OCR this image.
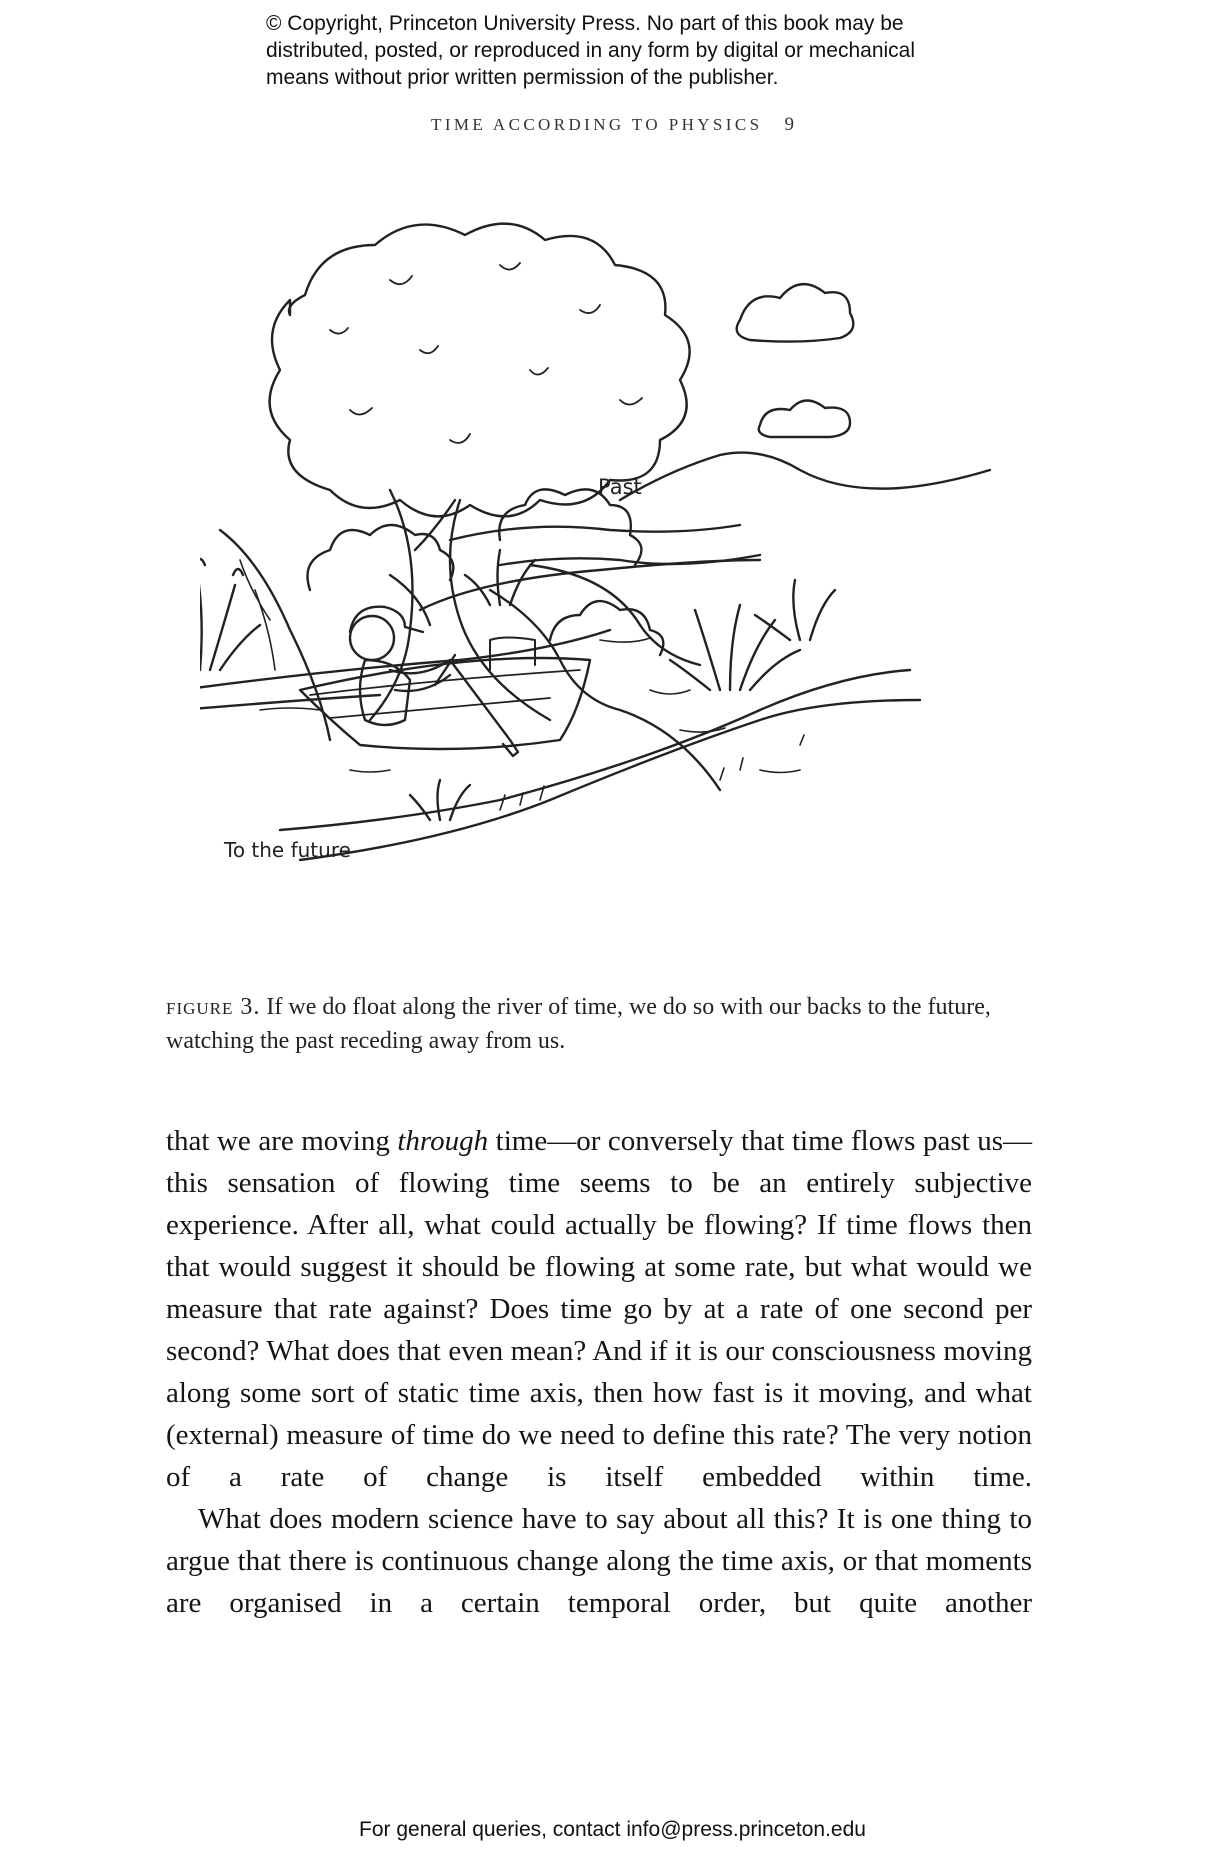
© Copyright, Princeton University Press. No part of this book may be
distributed, posted, or reproduced in any form by digital or mechanical
means without prior written permission of the publisher.
TIME ACCORDING TO PHYSICS 9
Past
To the future
figure 3. If we do float along the river of time, we do so with our backs to the future, watching the past receding away from us.

that we are moving through time—or conversely that time flows past us—this sensation of flowing time seems to be an entirely subjective experience. After all, what could actually be flowing? If time flows then that would suggest it should be flowing at some rate, but what would we measure that rate against? Does time go by at a rate of one second per second? What does that even mean? And if it is our consciousness moving along some sort of static time axis, then how fast is it moving, and what (external) measure of time do we need to define this rate? The very notion of a rate of change is itself embedded within time.

What does modern science have to say about all this? It is one thing to argue that there is continuous change along the time axis, or that moments are organised in a certain temporal order, but quite another

For general queries, contact info@press.princeton.edu
